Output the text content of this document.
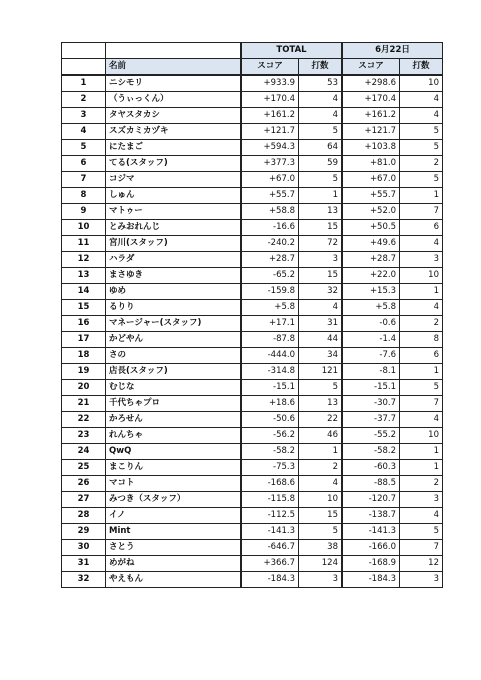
		TOTAL		6月22日	
	名前	スコア	打数	スコア	打数
1	ニシモリ	+933.9	53	+298.6	10
2	（うぃっくん）	+170.4	4	+170.4	4
3	タヤスタカシ	+161.2	4	+161.2	4
4	スズカミカヅキ	+121.7	5	+121.7	5
5	にたまご	+594.3	64	+103.8	5
6	てる(スタッフ)	+377.3	59	+81.0	2
7	コジマ	+67.0	5	+67.0	5
8	しゅん	+55.7	1	+55.7	1
9	マトゥー	+58.8	13	+52.0	7
10	とみおれんじ	-16.6	15	+50.5	6
11	宮川(スタッフ)	-240.2	72	+49.6	4
12	ハラダ	+28.7	3	+28.7	3
13	まさゆき	-65.2	15	+22.0	10
14	ゆめ	-159.8	32	+15.3	1
15	るりり	+5.8	4	+5.8	4
16	マネージャー(スタッフ)	+17.1	31	-0.6	2
17	かどやん	-87.8	44	-1.4	8
18	さの	-444.0	34	-7.6	6
19	店長(スタッフ)	-314.8	121	-8.1	1
20	むじな	-15.1	5	-15.1	5
21	千代ちゃプロ	+18.6	13	-30.7	7
22	かろせん	-50.6	22	-37.7	4
23	れんちゃ	-56.2	46	-55.2	10
24	QwQ	-58.2	1	-58.2	1
25	まこりん	-75.3	2	-60.3	1
26	マコト	-168.6	4	-88.5	2
27	みつき（スタッフ）	-115.8	10	-120.7	3
28	イノ	-112.5	15	-138.7	4
29	Mint	-141.3	5	-141.3	5
30	さとう	-646.7	38	-166.0	7
31	めがね	+366.7	124	-168.9	12
32	やえもん	-184.3	3	-184.3	3
